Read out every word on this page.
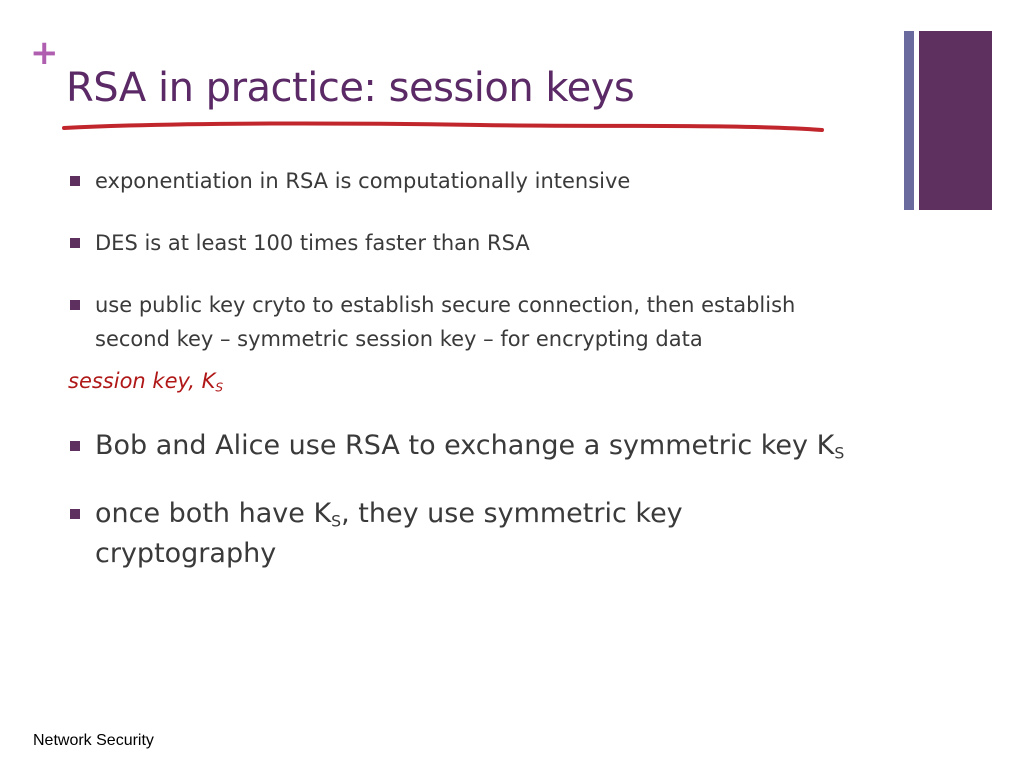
+
RSA in practice: session keys
exponentiation in RSA is computationally intensive
DES is at least 100 times faster than RSA
use public key cryto to establish secure connection, then establish second key – symmetric session key – for encrypting data
session key, $K_S$
Bob and Alice use RSA to exchange a symmetric key $K_S$
once both have $K_S$, they use symmetric key cryptography
Network Security
